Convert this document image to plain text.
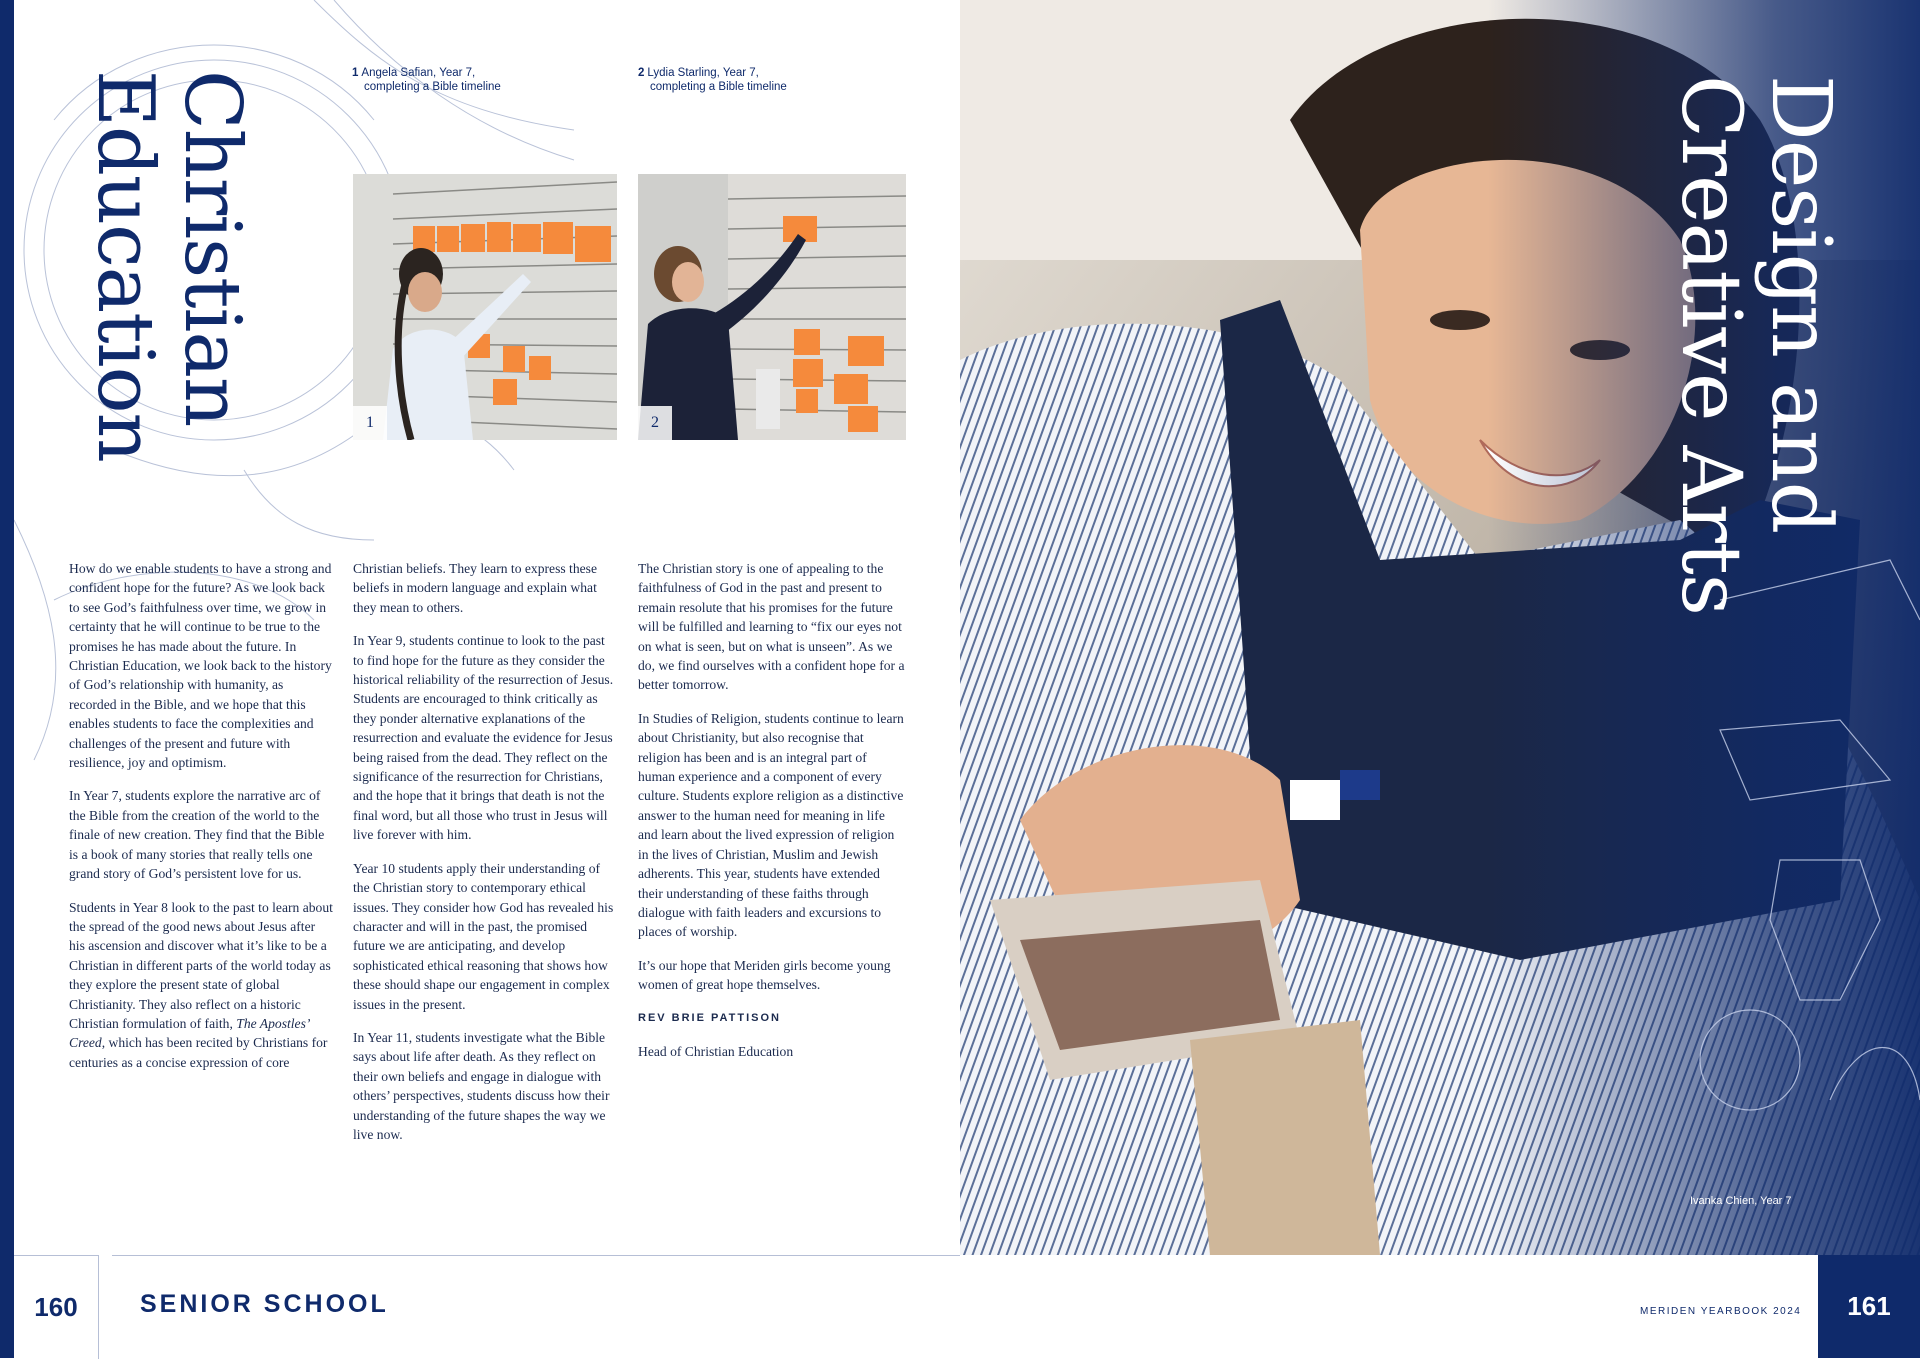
Christian
Education	1 Angela Safian, Year 7,
completing a Bible timeline
2 Lydia Starling, Year 7,
completing a Bible timeline
1	2

How do we enable students to have a strong and confident hope for the future? As we look back to see God’s faithfulness over time, we grow in certainty that he will continue to be true to the promises he has made about the future. In Christian Education, we look back to the history of God’s relationship with humanity, as recorded in the Bible, and we hope that this enables students to face the complexities and challenges of the present and future with resilience, joy and optimism.

In Year 7, students explore the narrative arc of the Bible from the creation of the world to the finale of new creation. They find that the Bible is a book of many stories that really tells one grand story of God’s persistent love for us.

Students in Year 8 look to the past to learn about the spread of the good news about Jesus after his ascension and discover what it’s like to be a Christian in different parts of the world today as they explore the present state of global Christianity. They also reflect on a historic Christian formulation of faith, The Apostles’ Creed, which has been recited by Christians for centuries as a concise expression of core

Christian beliefs. They learn to express these beliefs in modern language and explain what they mean to others.

In Year 9, students continue to look to the past to find hope for the future as they consider the historical reliability of the resurrection of Jesus. Students are encouraged to think critically as they ponder alternative explanations of the resurrection and evaluate the evidence for Jesus being raised from the dead. They reflect on the significance of the resurrection for Christians, and the hope that it brings that death is not the final word, but all those who trust in Jesus will live forever with him.

Year 10 students apply their understanding of the Christian story to contemporary ethical issues. They consider how God has revealed his character and will in the past, the promised future we are anticipating, and develop sophisticated ethical reasoning that shows how these should shape our engagement in complex issues in the present.

In Year 11, students investigate what the Bible says about life after death. As they reflect on their own beliefs and engage in dialogue with others’ perspectives, students discuss how their understanding of the future shapes the way we live now.

The Christian story is one of appealing to the faithfulness of God in the past and present to remain resolute that his promises for the future will be fulfilled and learning to “fix our eyes not on what is seen, but on what is unseen”. As we do, we find ourselves with a confident hope for a better tomorrow.

In Studies of Religion, students continue to learn about Christianity, but also recognise that religion has been and is an integral part of human experience and a component of every culture. Students explore religion as a distinctive answer to the human need for meaning in life and learn about the lived expression of religion in the lives of Christian, Muslim and Jewish adherents. This year, students have extended their understanding of these faiths through dialogue with faith leaders and excursions to places of worship.

It’s our hope that Meriden girls become young women of great hope themselves.

REV BRIE PATTISON

Head of Christian Education

Design and
Creative Arts
Ivanka Chien, Year 7
160	SENIOR SCHOOL	MERIDEN YEARBOOK 2024	161
